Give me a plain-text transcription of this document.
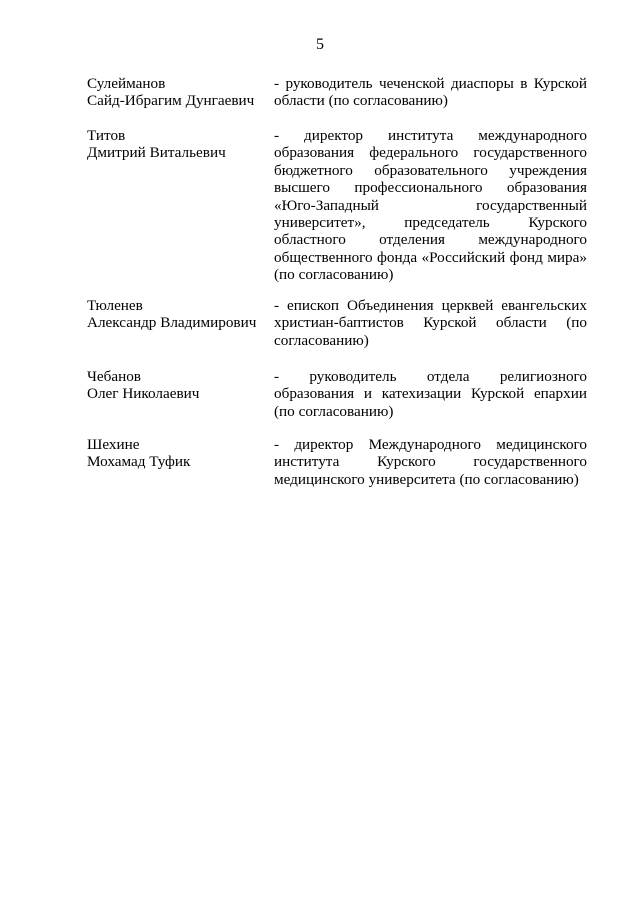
5
Сулейманов
Сайд-Ибрагим Дунгаевич
- руководитель чеченской диаспоры в Курской
области (по согласованию)
Титов
Дмитрий Витальевич
- директор института международного
образования федерального государственного
бюджетного образовательного учреждения
высшего профессионального образования
«Юго-Западный государственный
университет», председатель Курского
областного отделения международного
общественного фонда «Российский фонд мира»
(по согласованию)
Тюленев
Александр Владимирович
- епископ Объединения церквей евангельских
христиан-баптистов Курской области (по
согласованию)
Чебанов
Олег Николаевич
- руководитель отдела религиозного
образования и катехизации Курской епархии
(по согласованию)
Шехине
Мохамад Туфик
- директор Международного медицинского
института Курского государственного
медицинского университета (по согласованию)
